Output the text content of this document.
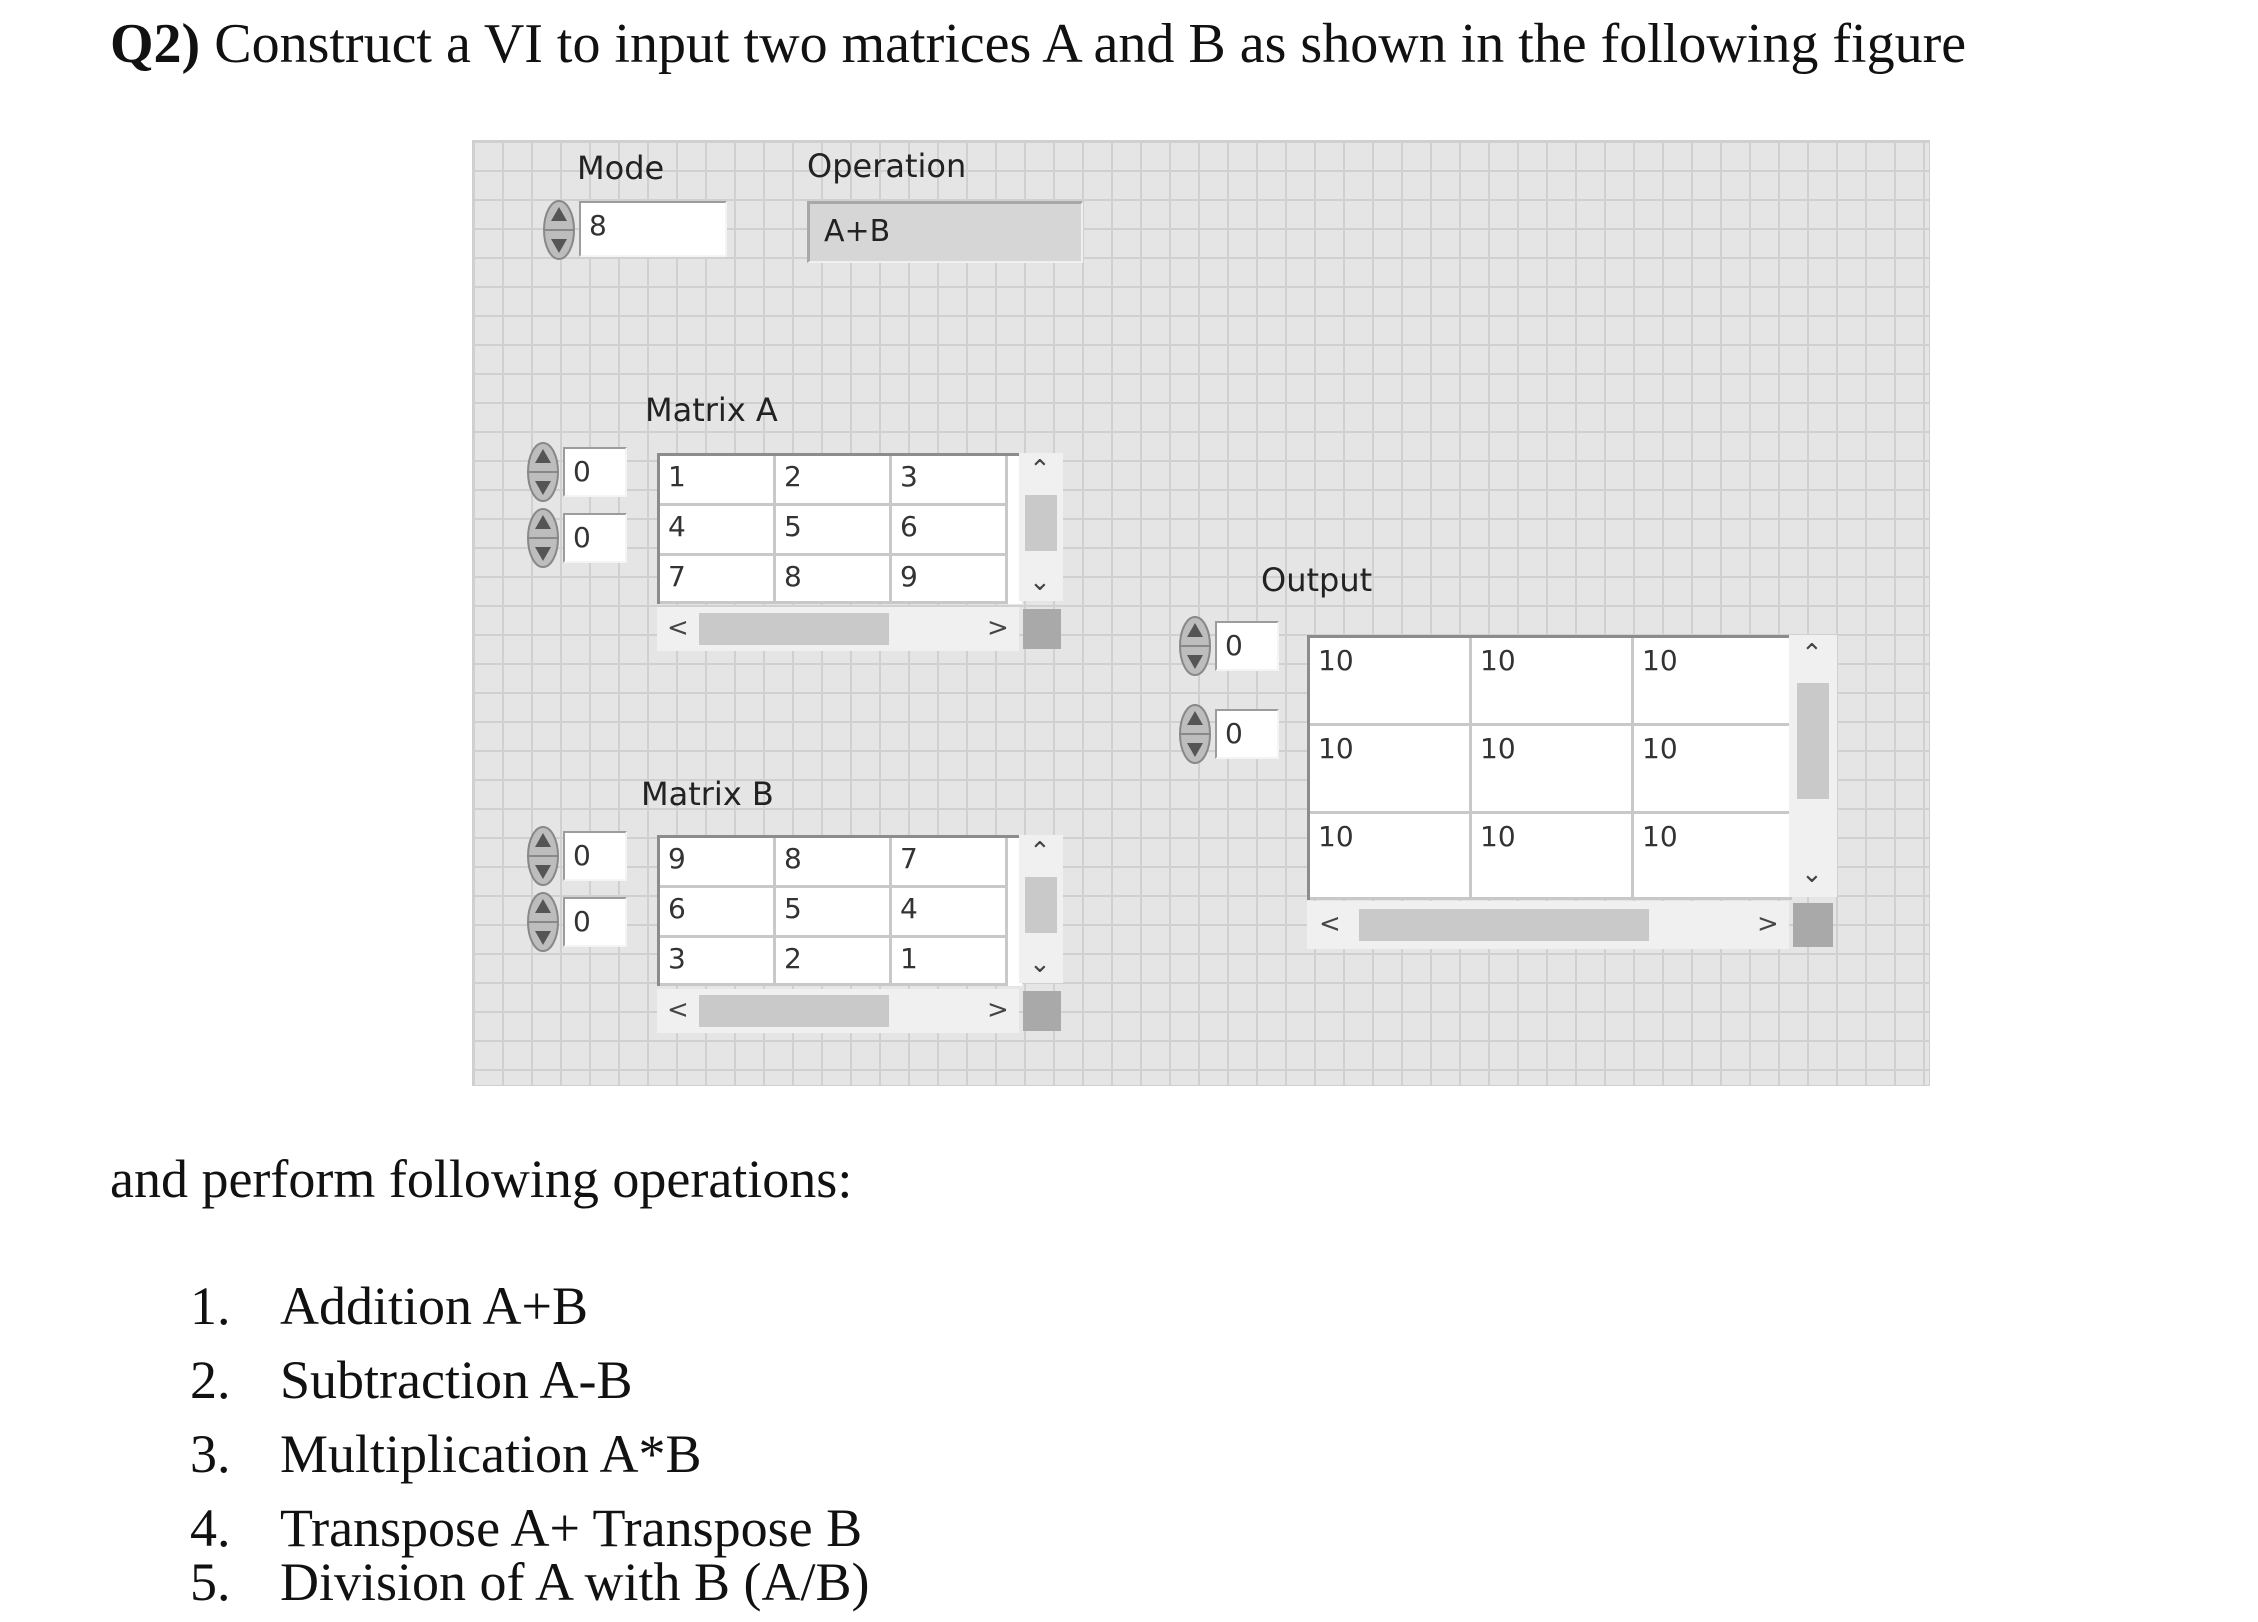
Q2) Construct a VI to input two matrices A and B as shown in the following figure
Mode
8
Operation
A+B
Matrix A
0
0
1	2	3
4	5	6
7	8	9
⌃
⌄
<	>
Matrix B
0
0
9	8	7
6	5	4
3	2	1
⌃
⌄
<	>
Output
0
0
10	10	10
10	10	10
10	10	10
⌃
⌄
<	>
and perform following operations:
1. Addition A+B
2. Subtraction A-B
3. Multiplication A*B
4. Transpose A+ Transpose B
5. Division of A with B (A/B)
